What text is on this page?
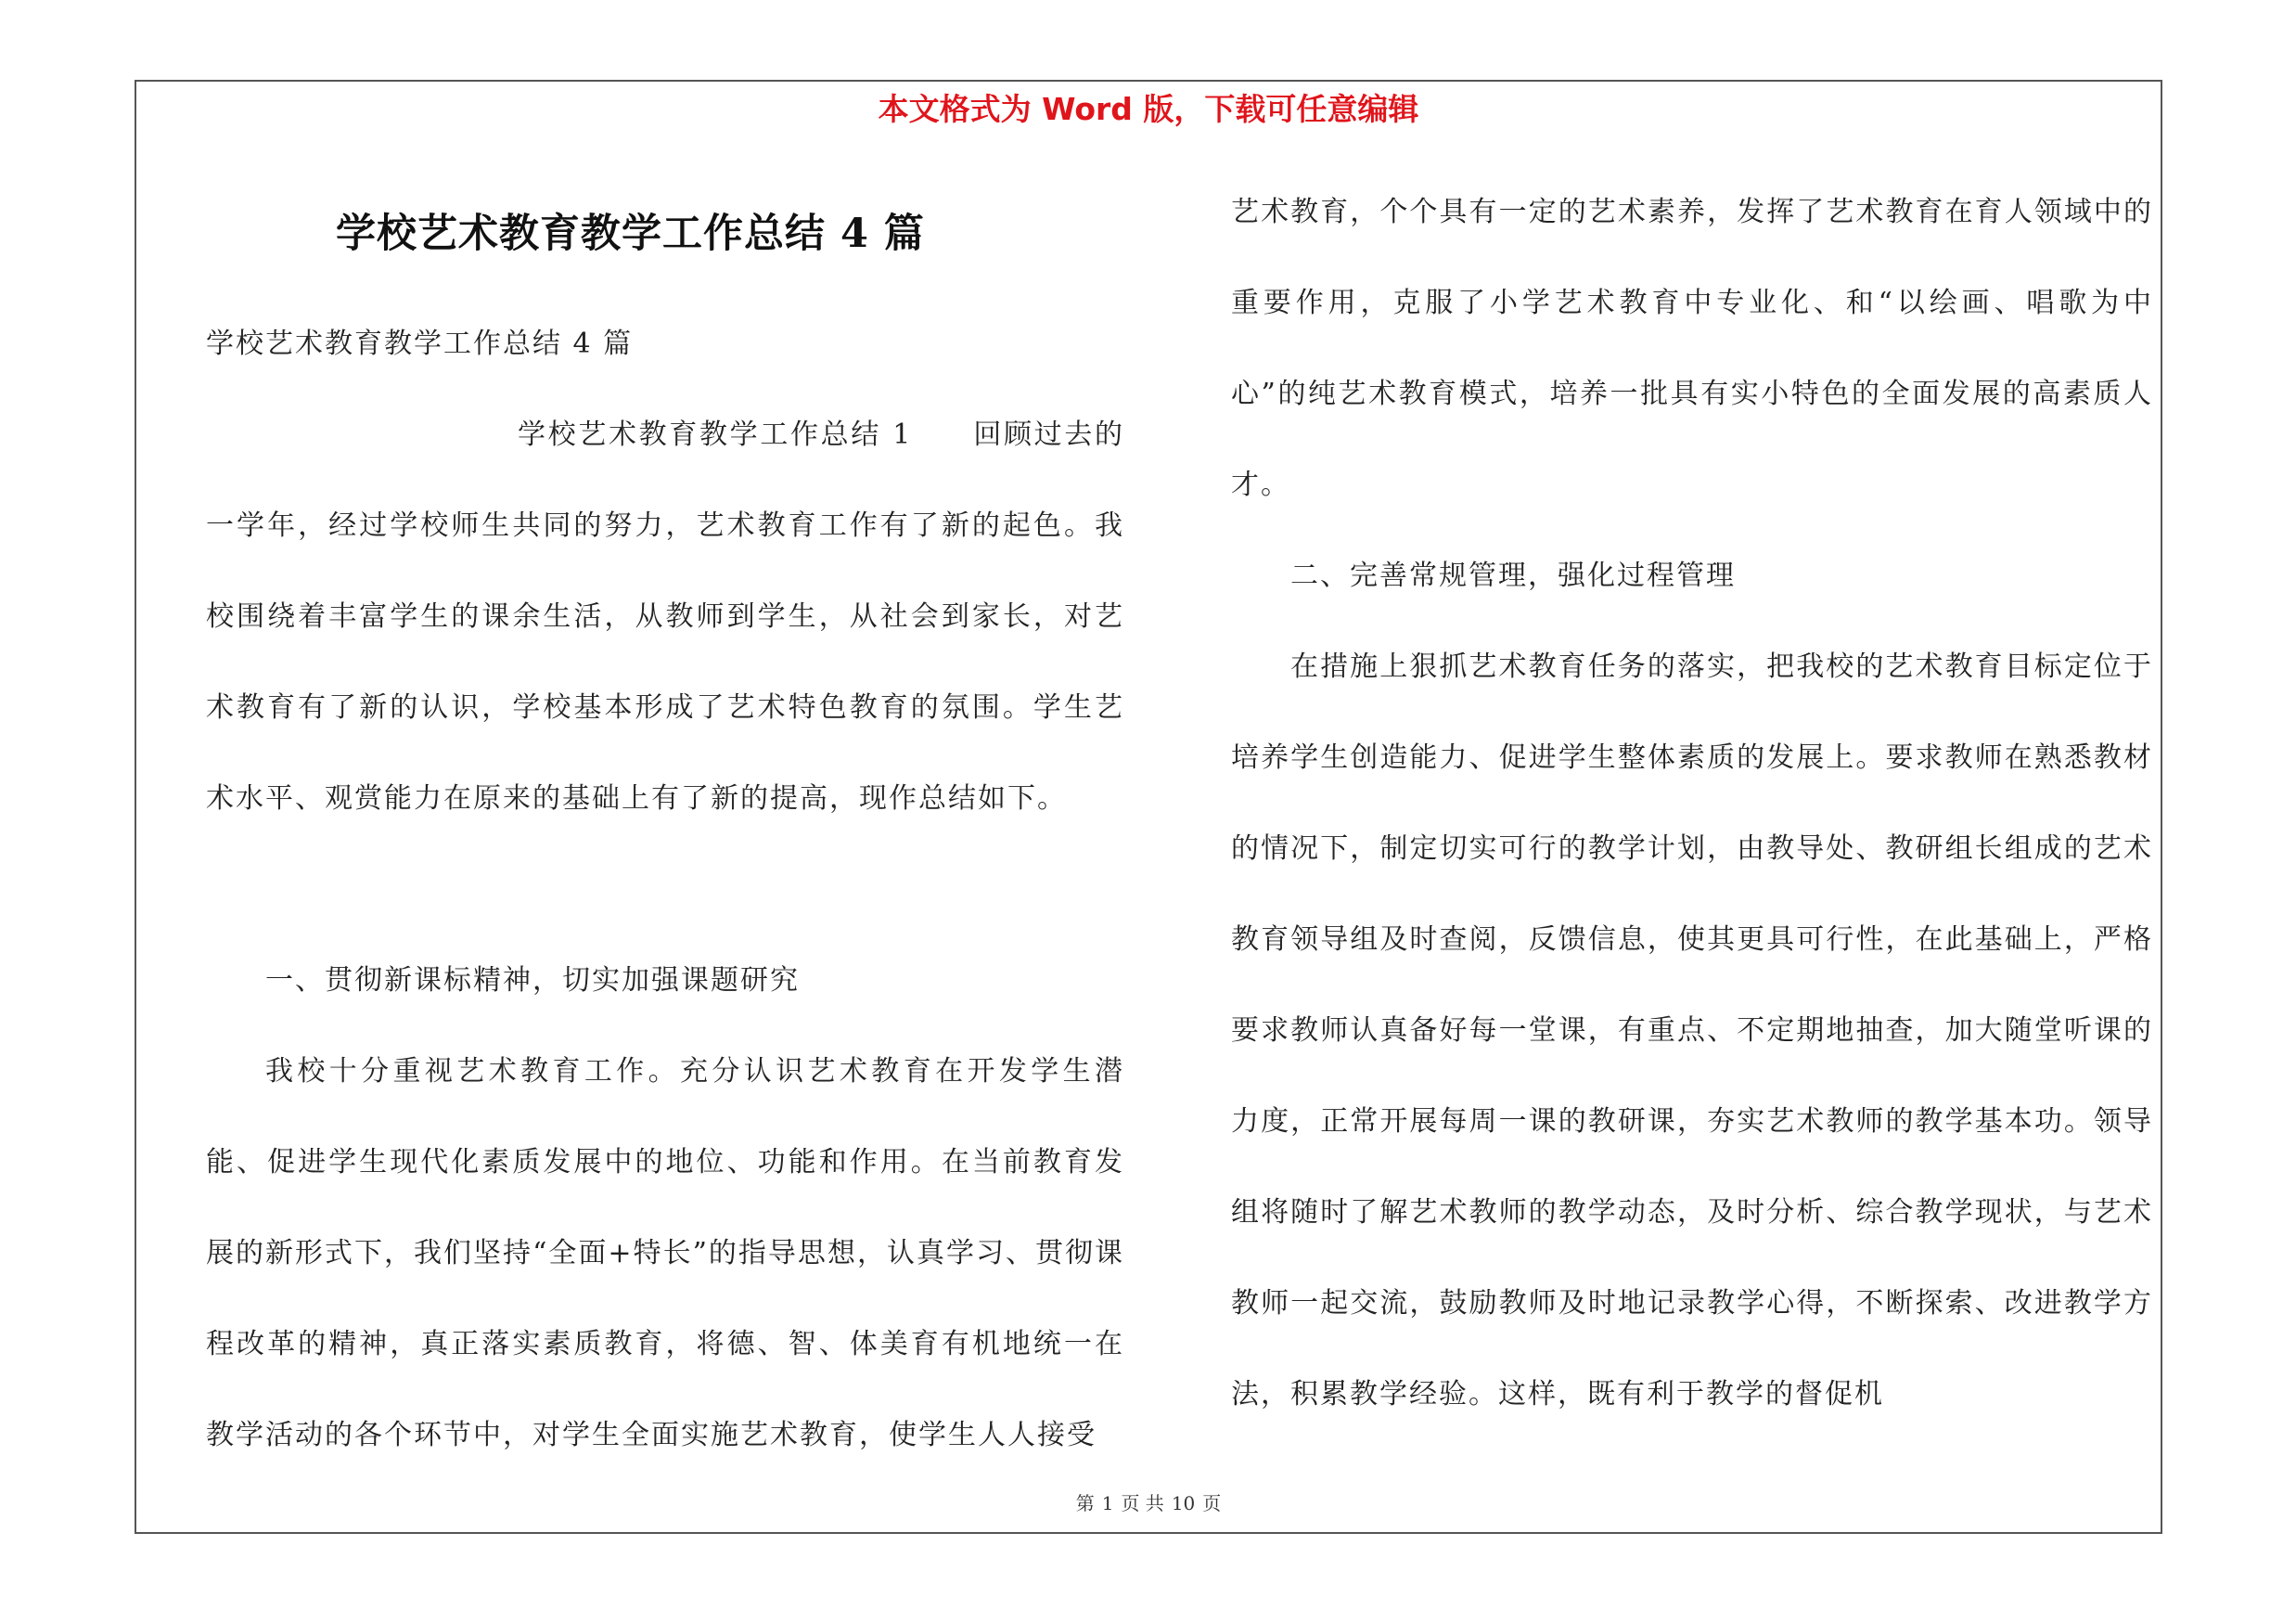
本文格式为 Word 版，下载可任意编辑
学校艺术教育教学工作总结 4 篇
学校艺术教育教学工作总结 4 篇

学校艺术教育教学工作总结 1　　回顾过去的一学年，经过学校师生共同的努力，艺术教育工作有了新的起色。我校围绕着丰富学生的课余生活，从教师到学生，从社会到家长，对艺术教育有了新的认识，学校基本形成了艺术特色教育的氛围。学生艺术水平、观赏能力在原来的基础上有了新的提高，现作总结如下。

一、贯彻新课标精神，切实加强课题研究

我校十分重视艺术教育工作。充分认识艺术教育在开发学生潜能、促进学生现代化素质发展中的地位、功能和作用。在当前教育发展的新形式下，我们坚持“全面+特长”的指导思想，认真学习、贯彻课程改革的精神，真正落实素质教育，将德、智、体美育有机地统一在教学活动的各个环节中，对学生全面实施艺术教育，使学生人人接受

艺术教育，个个具有一定的艺术素养，发挥了艺术教育在育人领域中的重要作用，克服了小学艺术教育中专业化、和“以绘画、唱歌为中心”的纯艺术教育模式，培养一批具有实小特色的全面发展的高素质人才。

二、完善常规管理，强化过程管理

在措施上狠抓艺术教育任务的落实，把我校的艺术教育目标定位于培养学生创造能力、促进学生整体素质的发展上。要求教师在熟悉教材的情况下，制定切实可行的教学计划，由教导处、教研组长组成的艺术教育领导组及时查阅，反馈信息，使其更具可行性，在此基础上，严格要求教师认真备好每一堂课，有重点、不定期地抽查，加大随堂听课的力度，正常开展每周一课的教研课，夯实艺术教师的教学基本功。领导组将随时了解艺术教师的教学动态，及时分析、综合教学现状，与艺术教师一起交流，鼓励教师及时地记录教学心得，不断探索、改进教学方法，积累教学经验。这样，既有利于教学的督促机

第 1 页 共 10 页
